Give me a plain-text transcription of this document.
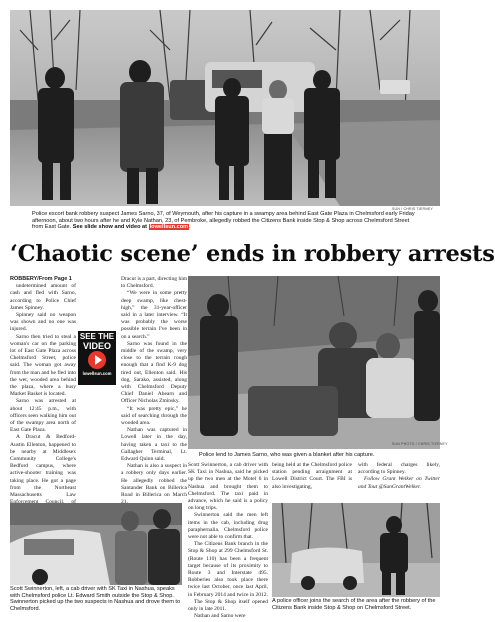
SUN / CHRIS TIERNEY
Police escort bank robbery suspect James Sarno, 37, of Weymouth, after his capture in a swampy area behind East Gate Plaza in Chelmsford early Friday afternoon, about two hours after he and Kyle Nathan, 23, of Pembroke, allegedly robbed the Citizens Bank inside Stop & Shop across Chelmsford Street from East Gate. See slide show and video at lowellsun.com.
‘Chaotic scene’ ends in robbery arrests

ROBBERY/From Page 1

undetermined amount of cash and fled with Sarno, according to Police Chief James Spinney.

Spinney said no weapon was shown and no one was injured.

Sarno then tried to steal a woman's car on the parking lot of East Gate Plaza across Chelmsford Street, police said. The woman got away from the man and he fled into the wet, wooded area behind the plaza, where a busy Market Basket is located.

Sarno was arrested at about 12:45 p.m., with officers seen walking him out of the swampy area north of East Gate Plaza.

A Dracut & Bedford-Austin Ellenton, happened to be nearby at Middlesex Community College's Bedford campus, where active-shooter training was taking place. He got a page from the Northeast Massachusetts Law

SEE THE
VIDEO
lowellsun.com

Dracut is a part, directing him to Chelmsford.

“We were in some pretty deep swamp, like chest-high,” the 31-year-officer said in a later interview. “It was probably the worse possible terrain I've been in on a search.”

Sarno was found in the middle of the swamp, very close to the terrain rough enough that a find K-9 dog tired out, Ellenton said. His dog, Sarako, assisted, along with Chelmsford Deputy Chief Daniel Ahearn and Officer Nicholas Zminsky.

“It was pretty epic,” he said of searching through the wooded area.

Nathan was captured in Lowell later in the day, having taken a taxi to the Gallagher Terminal, Lt. Edward Quinn said.

Nathan is also a suspect in a robbery only days earlier. He allegedly robbed the Santander Bank on Billerica Road in Billerica on March

Police lend to James Sarno, who was given a blanket after his capture.
SUN PHOTO / CHRIS TIERNEY

Scott Swinnerton, a cab driver with SK Taxi in Nashua, said he picked up the two men at the Motel 6 in Nashua and brought them to Chelmsford. The taxi paid in advance, which he said is a policy on long trips.

Swinnerton said the men left items in the cab, including drug paraphernalia. Chelmsford police were not able to confirm that.

The Citizens Bank branch in the Stop & Shop at 299 Chelmsford St. (Route 110) has been a frequent target because of its proximity to Route 3 and Interstate 495. Robberies also took place there twice last October, once last April, in February 2014 and twice in 2012.

The Stop & Shop itself opened only in late 2011.

Nathan and Sarno were

being held at the Chelmsford police station pending arraignment at Lowell District Court. The FBI is also investigating,

with federal charges likely, according to Spinney.

Follow Grant Welker on Twitter and Tout @SunGrantWelker.

Scott Swinnerton, left, a cab driver with SK Taxi in Nashua, speaks with Chelmsford police Lt. Edward Smith outside the Stop & Shop. Swinnerton picked up the two suspects in Nashua and drove them to Chelmsford.
A police officer joins the search of the area after the robbery of the Citizens Bank inside Stop & Shop on Chelmsford Street.
